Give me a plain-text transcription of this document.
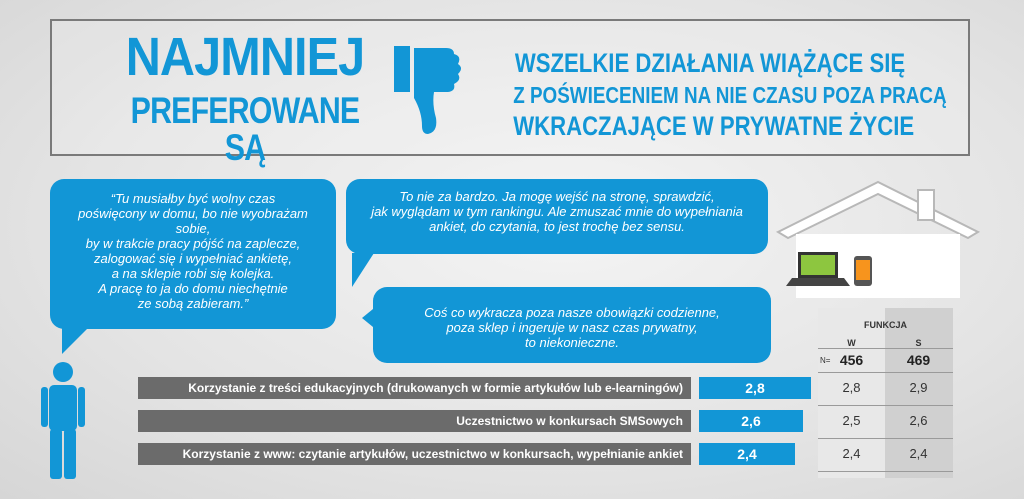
NAJMNIEJ
PREFEROWANE SĄ
WSZELKIE DZIAŁANIA WIĄŻĄCE SIĘ
Z POŚWIECENIEM NA NIE CZASU POZA PRACĄ
WKRACZAJĄCE W PRYWATNE ŻYCIE
“Tu musiałby być wolny czas
poświęcony w domu, bo nie wyobrażam sobie,
by w trakcie pracy pójść na zaplecze,
zalogować się i wypełniać ankietę,
a na sklepie robi się kolejka.
A pracę to ja do domu niechętnie
ze sobą zabieram.”
To nie za bardzo. Ja mogę wejść na stronę, sprawdzić,
jak wyglądam w tym rankingu. Ale zmuszać mnie do wypełniania
ankiet, do czytania, to jest trochę bez sensu.
Coś co wykracza poza nasze obowiązki codzienne,
poza sklep i ingeruje w nasz czas prywatny,
to niekonieczne.
FUNKCJA
W	S
N= 456	469
Korzystanie z treści edukacyjnych (drukowanych w formie artykułów lub e-learningów)	2,8	2,8	2,9
Uczestnictwo w konkursach SMSowych	2,6	2,5	2,6
Korzystanie z www: czytanie artykułów, uczestnictwo w konkursach, wypełnianie ankiet	2,4	2,4	2,4
